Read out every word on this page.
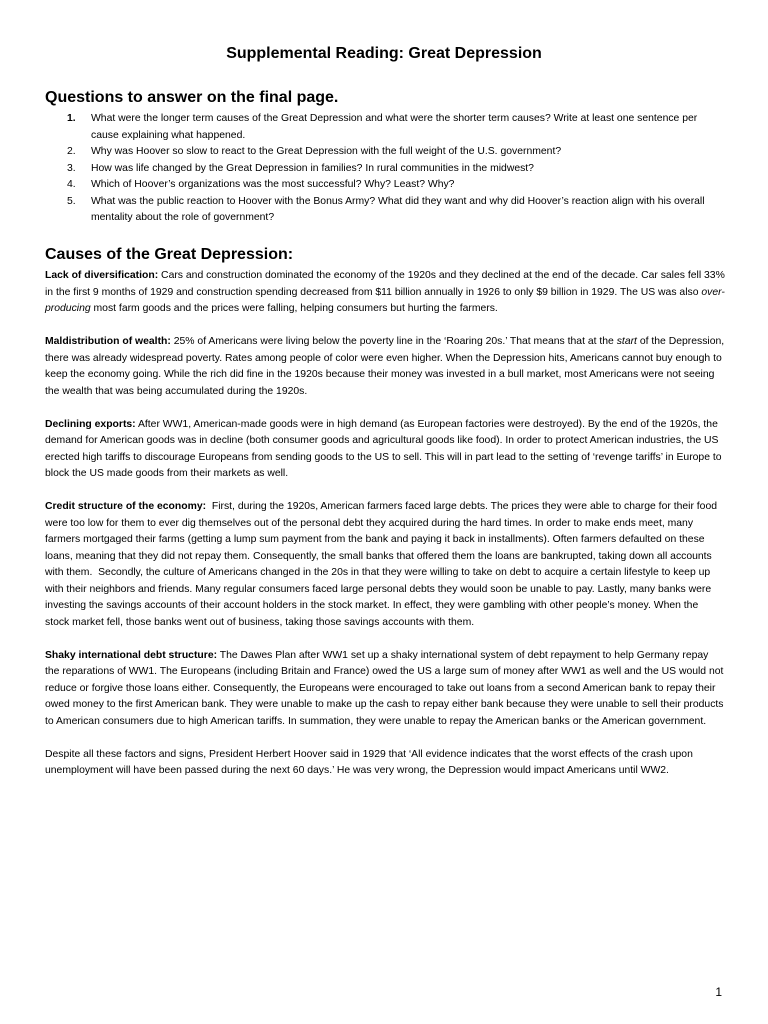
Supplemental Reading: Great Depression
Questions to answer on the final page.
1. What were the longer term causes of the Great Depression and what were the shorter term causes? Write at least one sentence per cause explaining what happened.
2. Why was Hoover so slow to react to the Great Depression with the full weight of the U.S. government?
3. How was life changed by the Great Depression in families? In rural communities in the midwest?
4. Which of Hoover’s organizations was the most successful? Why? Least? Why?
5. What was the public reaction to Hoover with the Bonus Army? What did they want and why did Hoover’s reaction align with his overall mentality about the role of government?
Causes of the Great Depression:

Lack of diversification: Cars and construction dominated the economy of the 1920s and they declined at the end of the decade. Car sales fell 33% in the first 9 months of 1929 and construction spending decreased from $11 billion annually in 1926 to only $9 billion in 1929. The US was also over-producing most farm goods and the prices were falling, helping consumers but hurting the farmers.

Maldistribution of wealth: 25% of Americans were living below the poverty line in the ‘Roaring 20s.’ That means that at the start of the Depression, there was already widespread poverty. Rates among people of color were even higher. When the Depression hits, Americans cannot buy enough to keep the economy going. While the rich did fine in the 1920s because their money was invested in a bull market, most Americans were not seeing the wealth that was being accumulated during the 1920s.

Declining exports: After WW1, American-made goods were in high demand (as European factories were destroyed). By the end of the 1920s, the demand for American goods was in decline (both consumer goods and agricultural goods like food). In order to protect American industries, the US erected high tariffs to discourage Europeans from sending goods to the US to sell. This will in part lead to the setting of ‘revenge tariffs’ in Europe to block the US made goods from their markets as well.

Credit structure of the economy:  First, during the 1920s, American farmers faced large debts. The prices they were able to charge for their food were too low for them to ever dig themselves out of the personal debt they acquired during the hard times. In order to make ends meet, many farmers mortgaged their farms (getting a lump sum payment from the bank and paying it back in installments). Often farmers defaulted on these loans, meaning that they did not repay them. Consequently, the small banks that offered them the loans are bankrupted, taking down all accounts with them.  Secondly, the culture of Americans changed in the 20s in that they were willing to take on debt to acquire a certain lifestyle to keep up with their neighbors and friends. Many regular consumers faced large personal debts they would soon be unable to pay. Lastly, many banks were investing the savings accounts of their account holders in the stock market. In effect, they were gambling with other people’s money. When the stock market fell, those banks went out of business, taking those savings accounts with them.

Shaky international debt structure: The Dawes Plan after WW1 set up a shaky international system of debt repayment to help Germany repay the reparations of WW1. The Europeans (including Britain and France) owed the US a large sum of money after WW1 as well and the US would not reduce or forgive those loans either. Consequently, the Europeans were encouraged to take out loans from a second American bank to repay their owed money to the first American bank. They were unable to make up the cash to repay either bank because they were unable to sell their products to American consumers due to high American tariffs. In summation, they were unable to repay the American banks or the American government.

Despite all these factors and signs, President Herbert Hoover said in 1929 that ‘All evidence indicates that the worst effects of the crash upon unemployment will have been passed during the next 60 days.’ He was very wrong, the Depression would impact Americans until WW2.

1
